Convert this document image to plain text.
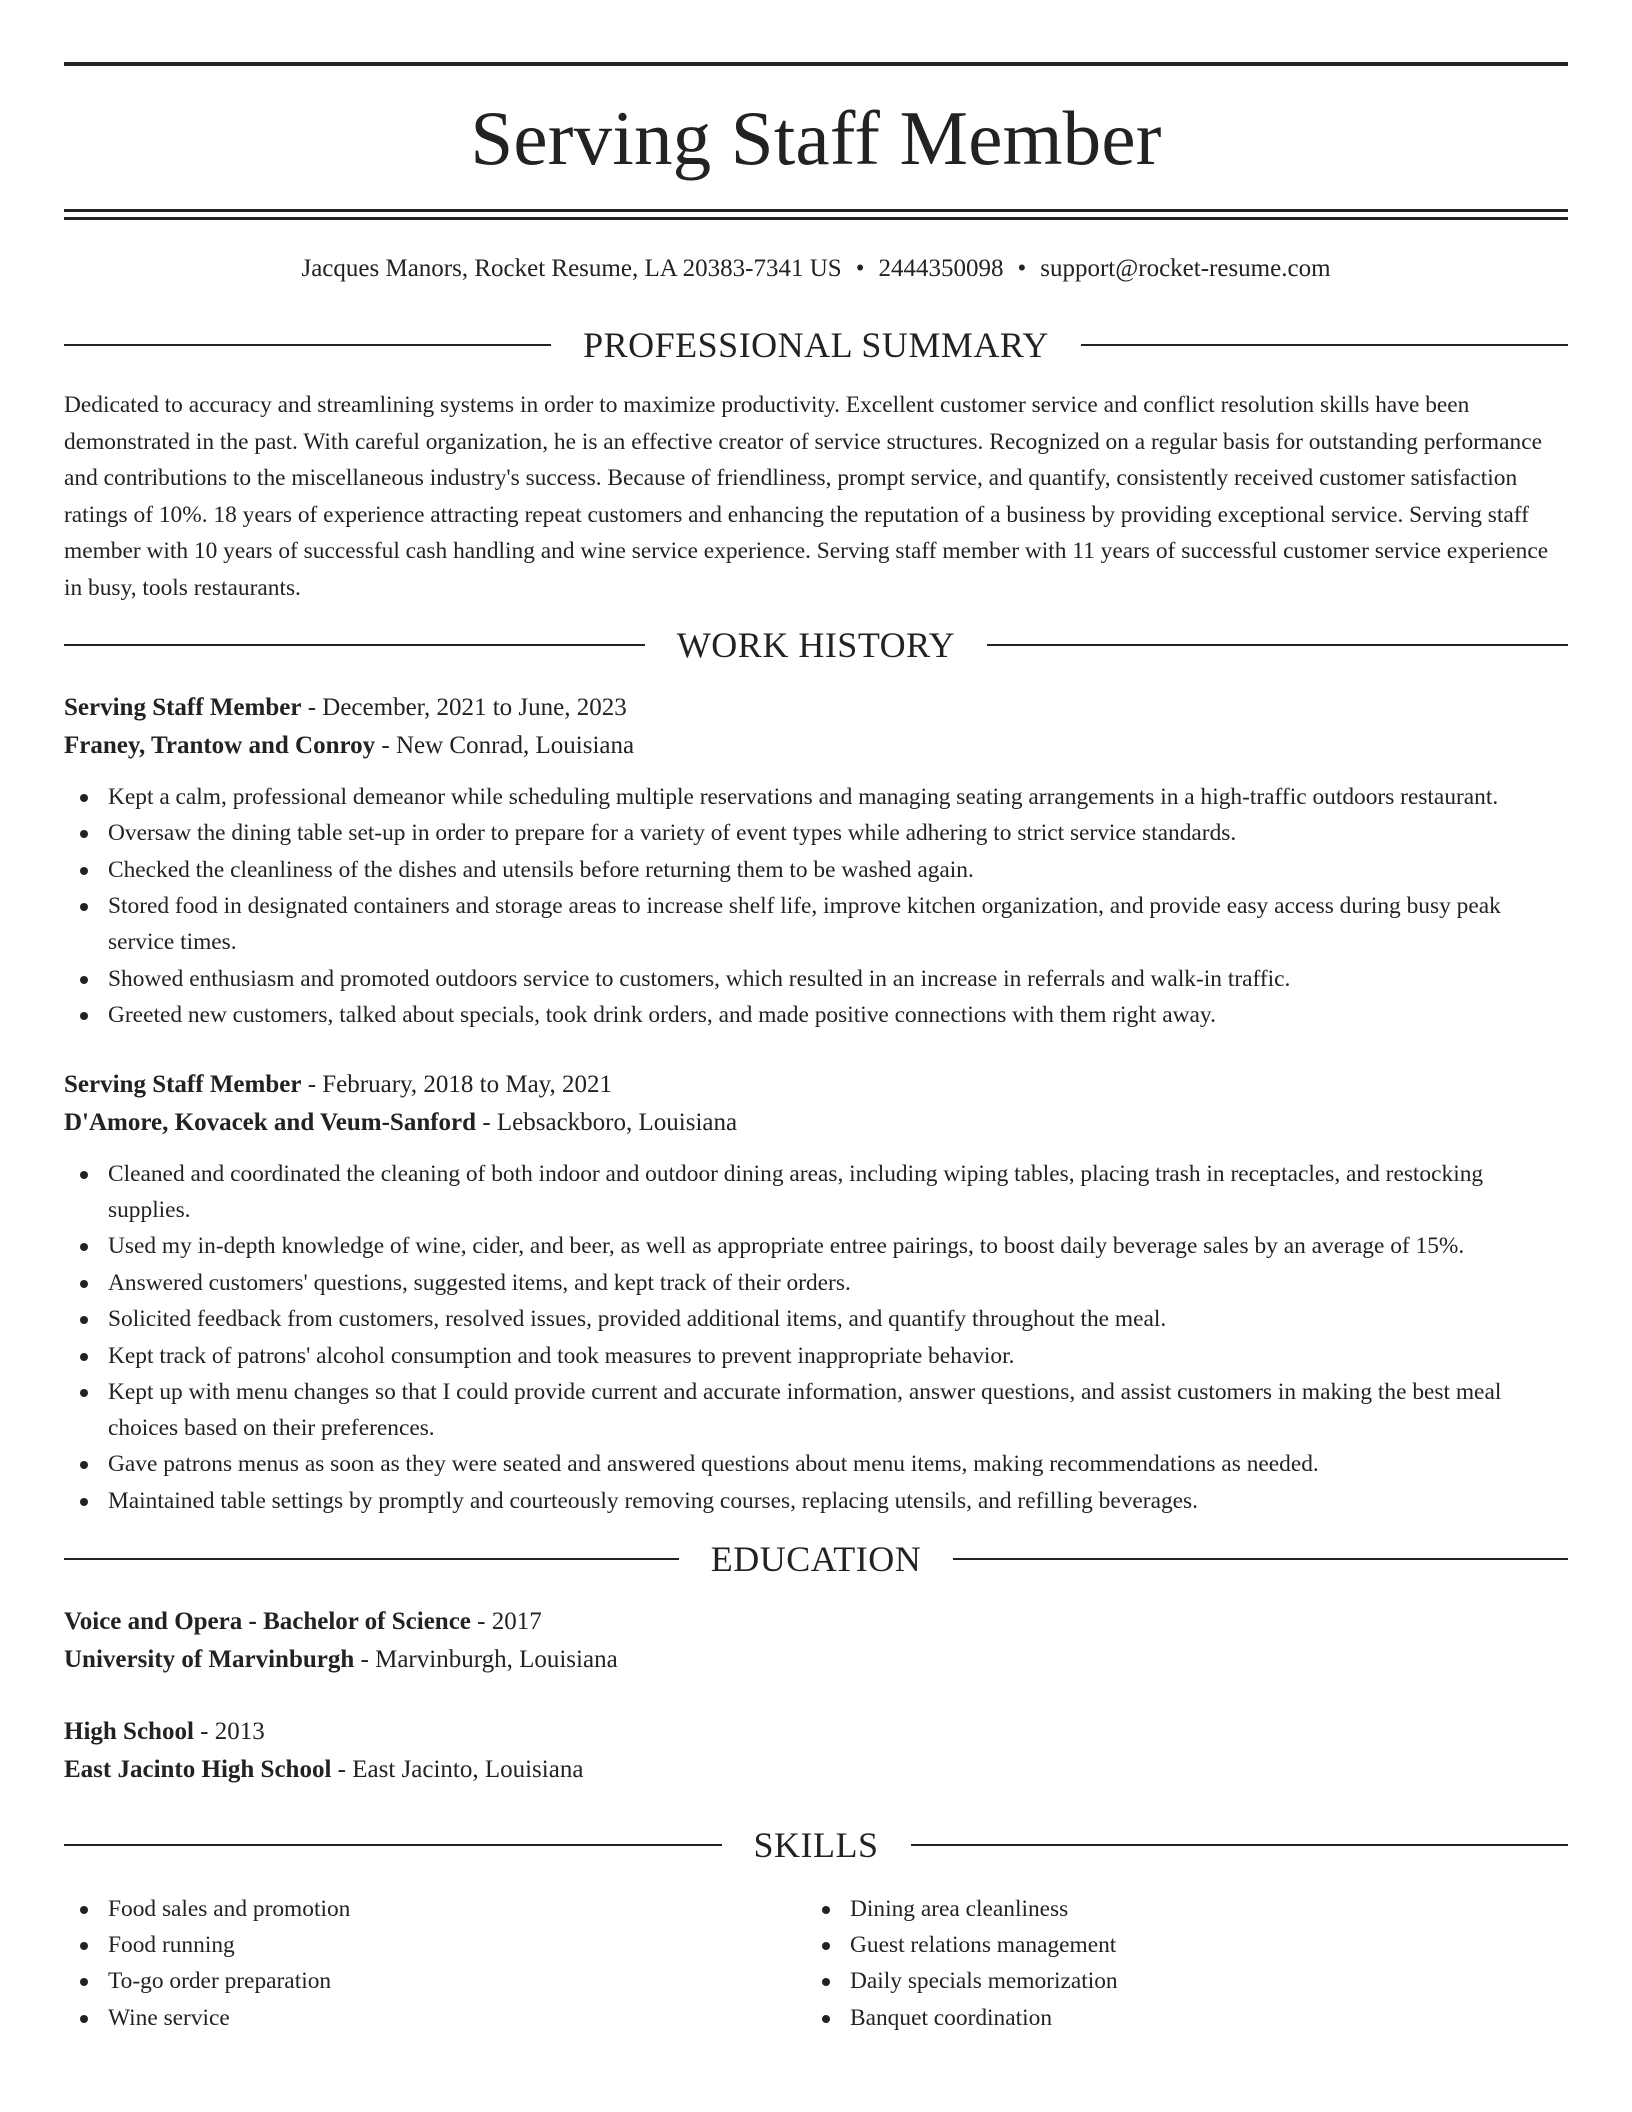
Serving Staff Member
Jacques Manors, Rocket Resume, LA 20383-7341 US • 2444350098 • support@rocket-resume.com
PROFESSIONAL SUMMARY
Dedicated to accuracy and streamlining systems in order to maximize productivity. Excellent customer service and conflict resolution skills have been demonstrated in the past. With careful organization, he is an effective creator of service structures. Recognized on a regular basis for outstanding performance and contributions to the miscellaneous industry's success. Because of friendliness, prompt service, and quantify, consistently received customer satisfaction ratings of 10%. 18 years of experience attracting repeat customers and enhancing the reputation of a business by providing exceptional service. Serving staff member with 10 years of successful cash handling and wine service experience. Serving staff member with 11 years of successful customer service experience in busy, tools restaurants.
WORK HISTORY
Serving Staff Member - December, 2021 to June, 2023
Franey, Trantow and Conroy - New Conrad, Louisiana
Kept a calm, professional demeanor while scheduling multiple reservations and managing seating arrangements in a high-traffic outdoors restaurant.
Oversaw the dining table set-up in order to prepare for a variety of event types while adhering to strict service standards.
Checked the cleanliness of the dishes and utensils before returning them to be washed again.
Stored food in designated containers and storage areas to increase shelf life, improve kitchen organization, and provide easy access during busy peak service times.
Showed enthusiasm and promoted outdoors service to customers, which resulted in an increase in referrals and walk-in traffic.
Greeted new customers, talked about specials, took drink orders, and made positive connections with them right away.
Serving Staff Member - February, 2018 to May, 2021
D'Amore, Kovacek and Veum-Sanford - Lebsackboro, Louisiana
Cleaned and coordinated the cleaning of both indoor and outdoor dining areas, including wiping tables, placing trash in receptacles, and restocking supplies.
Used my in-depth knowledge of wine, cider, and beer, as well as appropriate entree pairings, to boost daily beverage sales by an average of 15%.
Answered customers' questions, suggested items, and kept track of their orders.
Solicited feedback from customers, resolved issues, provided additional items, and quantify throughout the meal.
Kept track of patrons' alcohol consumption and took measures to prevent inappropriate behavior.
Kept up with menu changes so that I could provide current and accurate information, answer questions, and assist customers in making the best meal choices based on their preferences.
Gave patrons menus as soon as they were seated and answered questions about menu items, making recommendations as needed.
Maintained table settings by promptly and courteously removing courses, replacing utensils, and refilling beverages.
EDUCATION
Voice and Opera - Bachelor of Science - 2017
University of Marvinburgh - Marvinburgh, Louisiana
High School - 2013
East Jacinto High School - East Jacinto, Louisiana
SKILLS
Food sales and promotion
Food running
To-go order preparation
Wine service
Dining area cleanliness
Guest relations management
Daily specials memorization
Banquet coordination
